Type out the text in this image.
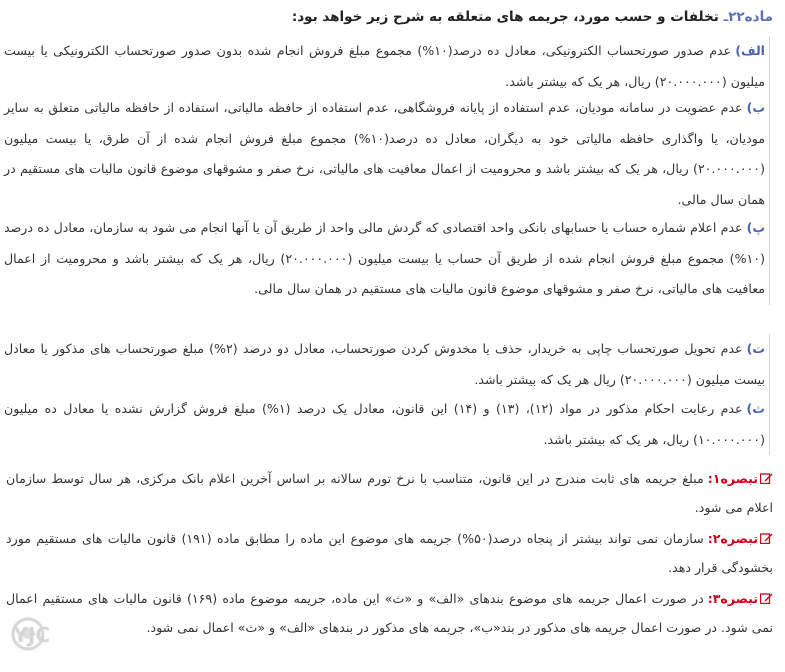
ماده۲۲ـ تخلفات و حسب مورد، جریمه های متعلقه به شرح زیر خواهد بود:
الف)عدم صدور صورتحساب الکترونیکی، معادل ده درصد(۱۰%) مجموع مبلغ فروش انجام شده بدون صدور صورتحساب الکترونیکی یا بیست میلیون (۲۰.۰۰۰.۰۰۰) ریال، هر یک که بیشتر باشد.
ب)عدم عضویت در سامانه مودیان، عدم استفاده از پایانه فروشگاهی، عدم استفاده از حافظه مالیاتی، استفاده از حافظه مالیاتی متعلق به سایر مودیان، یا واگذاری حافظه مالیاتی خود به دیگران، معادل ده درصد(۱۰%) مجموع مبلغ فروش انجام شده از آن طرق، یا بیست میلیون (۲۰.۰۰۰.۰۰۰) ریال، هر یک که بیشتر باشد و محرومیت از اعمال معافیت های مالیاتی، نرخ صفر و مشوقهای موضوع قانون مالیات های مستقیم در همان سال مالی.
پ)عدم اعلام شماره حساب یا حسابهای بانکی واحد اقتصادی که گردش مالی واحد از طریق آن یا آنها انجام می شود به سازمان، معادل ده درصد (۱۰%) مجموع مبلغ فروش انجام شده از طریق آن حساب یا بیست میلیون (۲۰.۰۰۰.۰۰۰) ریال، هر یک که بیشتر باشد و محرومیت از اعمال معافیت های مالیاتی، نرخ صفر و مشوقهای موضوع قانون مالیات های مستقیم در همان سال مالی.
ت)عدم تحویل صورتحساب چاپی به خریدار، حذف یا مخدوش کردن صورتحساب، معادل دو درصد (۲%) مبلغ صورتحساب های مذکور یا معادل بیست میلیون (۲۰.۰۰۰.۰۰۰) ریال هر یک که بیشتر باشد.
ث)عدم رعایت احکام مذکور در مواد (۱۲)، (۱۳) و (۱۴) این قانون، معادل یک درصد (۱%) مبلغ فروش گزارش نشده یا معادل ده میلیون (۱۰.۰۰۰.۰۰۰) ریال، هر یک که بیشتر باشد.
تبصره۱:مبلغ جریمه های ثابت مندرج در این قانون، متناسب با نرخ تورم سالانه بر اساس آخرین اعلام بانک مرکزی، هر سال توسط سازمان اعلام می شود.
تبصره۲:سازمان نمی تواند بیشتر از پنجاه درصد(۵۰%) جریمه های موضوع این ماده را مطابق ماده (۱۹۱) قانون مالیات های مستقیم مورد بخشودگی قرار دهد.
تبصره۳:در صورت اعمال جریمه های موضوع بندهای «الف» و «ث» این ماده، جریمه موضوع ماده (۱۶۹) قانون مالیات های مستقیم اعمال نمی شود. در صورت اعمال جریمه های مذکور در بند«ب»، جریمه های مذکور در بندهای «الف» و «ث» اعمال نمی شود.
YJC
